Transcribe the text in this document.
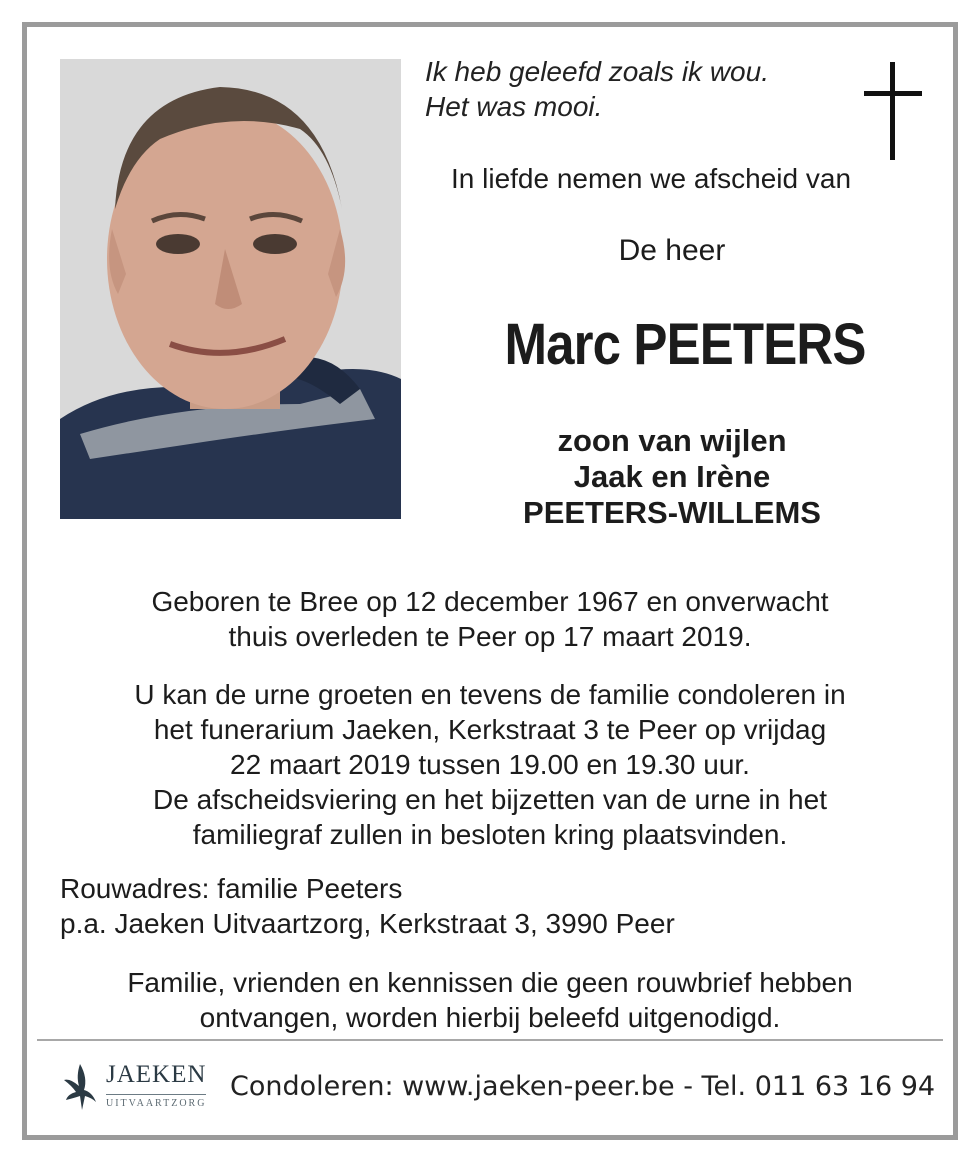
Ik heb geleefd zoals ik wou.
Het was mooi.
In liefde nemen we afscheid van
De heer
Marc PEETERS
zoon van wijlen
Jaak en Irène
PEETERS-WILLEMS
Geboren te Bree op 12 december 1967 en onverwacht
thuis overleden te Peer op 17 maart 2019.
U kan de urne groeten en tevens de familie condoleren in
het funerarium Jaeken, Kerkstraat 3 te Peer op vrijdag
22 maart 2019 tussen 19.00 en 19.30 uur.
De afscheidsviering en het bijzetten van de urne in het
familiegraf zullen in besloten kring plaatsvinden.
Rouwadres: familie Peeters
p.a. Jaeken Uitvaartzorg, Kerkstraat 3, 3990 Peer
Familie, vrienden en kennissen die geen rouwbrief hebben
ontvangen, worden hierbij beleefd uitgenodigd.
JAEKEN
UITVAARTZORG
Condoleren: www.jaeken-peer.be - Tel. 011 63 16 94
